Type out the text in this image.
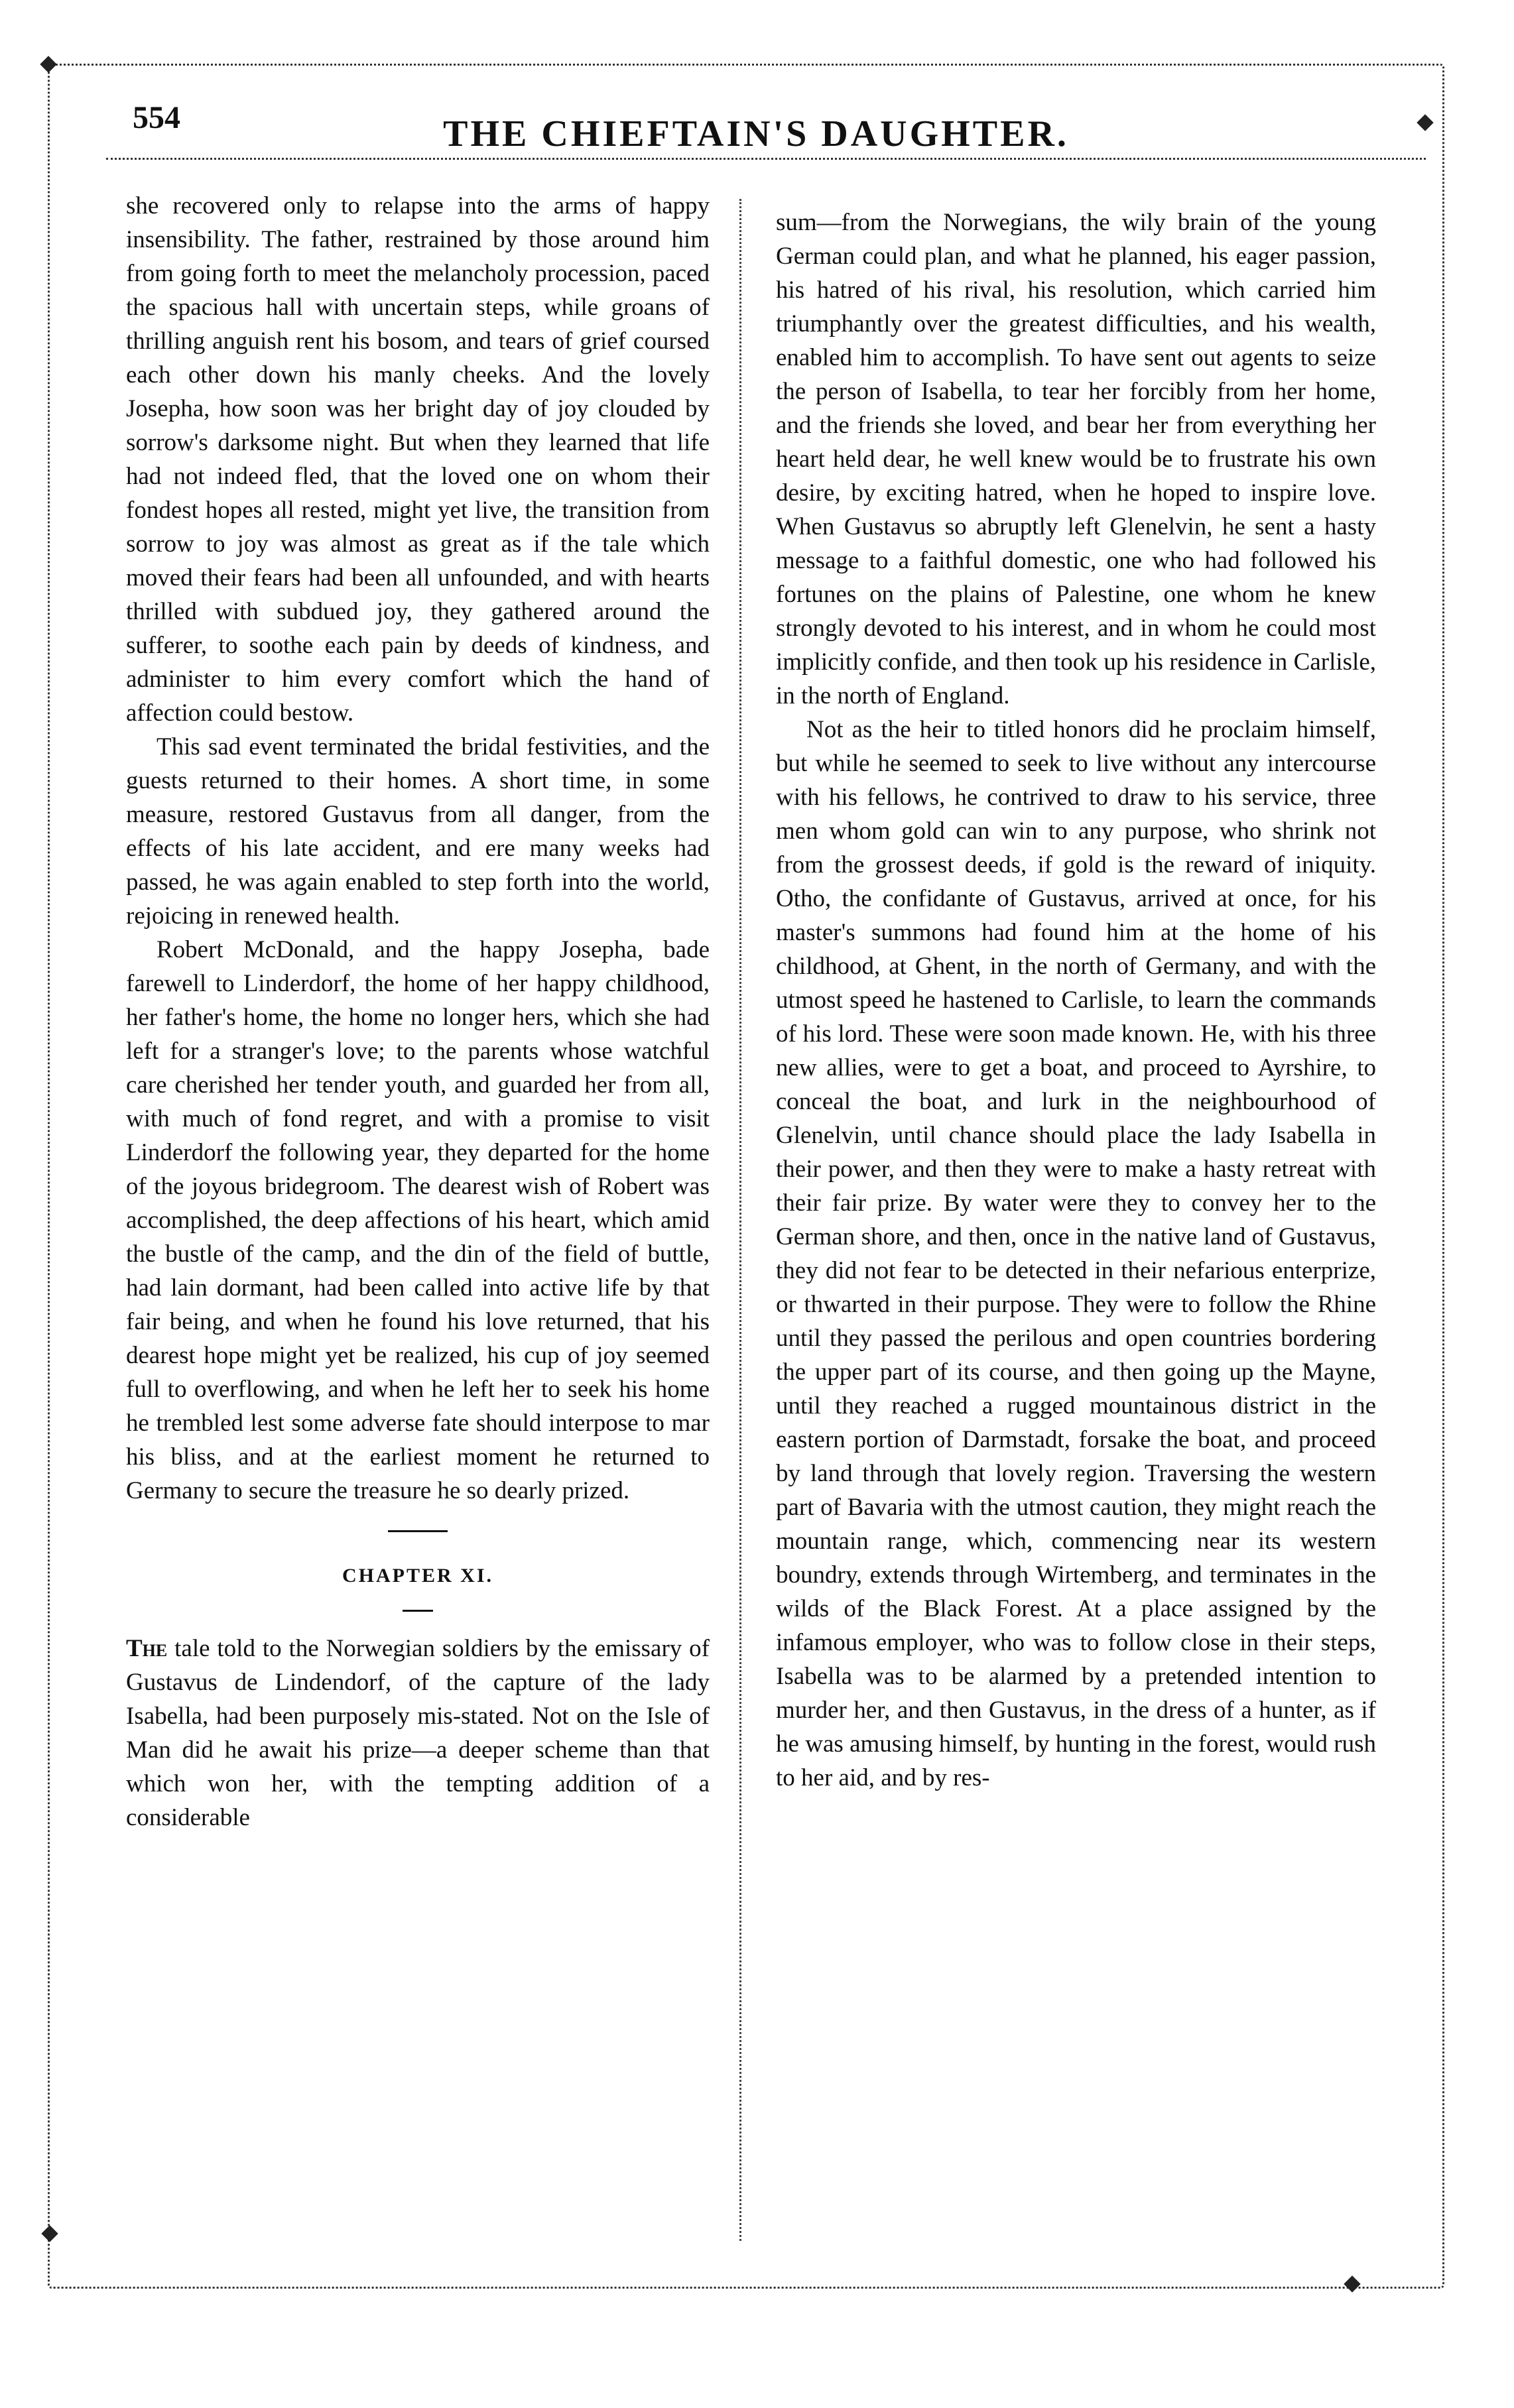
554	THE CHIEFTAIN'S DAUGHTER.

she recovered only to relapse into the arms of happy insensibility. The father, restrained by those around him from going forth to meet the melancholy procession, paced the spacious hall with uncertain steps, while groans of thrilling anguish rent his bosom, and tears of grief coursed each other down his manly cheeks. And the lovely Josepha, how soon was her bright day of joy clouded by sorrow's darksome night. But when they learned that life had not indeed fled, that the loved one on whom their fondest hopes all rested, might yet live, the transition from sorrow to joy was almost as great as if the tale which moved their fears had been all unfounded, and with hearts thrilled with subdued joy, they gathered around the sufferer, to soothe each pain by deeds of kindness, and administer to him every comfort which the hand of affection could bestow.

This sad event terminated the bridal festivities, and the guests returned to their homes. A short time, in some measure, restored Gustavus from all danger, from the effects of his late accident, and ere many weeks had passed, he was again enabled to step forth into the world, rejoicing in renewed health.

Robert McDonald, and the happy Josepha, bade farewell to Linderdorf, the home of her happy childhood, her father's home, the home no longer hers, which she had left for a stranger's love; to the parents whose watchful care cherished her tender youth, and guarded her from all, with much of fond regret, and with a promise to visit Linderdorf the following year, they departed for the home of the joyous bridegroom. The dearest wish of Robert was accomplished, the deep affections of his heart, which amid the bustle of the camp, and the din of the field of buttle, had lain dormant, had been called into active life by that fair being, and when he found his love returned, that his dearest hope might yet be realized, his cup of joy seemed full to overflowing, and when he left her to seek his home he trembled lest some adverse fate should interpose to mar his bliss, and at the earliest moment he returned to Germany to secure the treasure he so dearly prized.

CHAPTER XI.

The tale told to the Norwegian soldiers by the emissary of Gustavus de Lindendorf, of the capture of the lady Isabella, had been purposely mis-stated. Not on the Isle of Man did he await his prize—a deeper scheme than that which won her, with the tempting addition of a considerable

sum—from the Norwegians, the wily brain of the young German could plan, and what he planned, his eager passion, his hatred of his rival, his resolution, which carried him triumphantly over the greatest difficulties, and his wealth, enabled him to accomplish. To have sent out agents to seize the person of Isabella, to tear her forcibly from her home, and the friends she loved, and bear her from everything her heart held dear, he well knew would be to frustrate his own desire, by exciting hatred, when he hoped to inspire love. When Gustavus so abruptly left Glenelvin, he sent a hasty message to a faithful domestic, one who had followed his fortunes on the plains of Palestine, one whom he knew strongly devoted to his interest, and in whom he could most implicitly confide, and then took up his residence in Carlisle, in the north of England.

Not as the heir to titled honors did he proclaim himself, but while he seemed to seek to live without any intercourse with his fellows, he contrived to draw to his service, three men whom gold can win to any purpose, who shrink not from the grossest deeds, if gold is the reward of iniquity. Otho, the confidante of Gustavus, arrived at once, for his master's summons had found him at the home of his childhood, at Ghent, in the north of Germany, and with the utmost speed he hastened to Carlisle, to learn the commands of his lord. These were soon made known. He, with his three new allies, were to get a boat, and proceed to Ayrshire, to conceal the boat, and lurk in the neighbourhood of Glenelvin, until chance should place the lady Isabella in their power, and then they were to make a hasty retreat with their fair prize. By water were they to convey her to the German shore, and then, once in the native land of Gustavus, they did not fear to be detected in their nefarious enterprize, or thwarted in their purpose. They were to follow the Rhine until they passed the perilous and open countries bordering the upper part of its course, and then going up the Mayne, until they reached a rugged mountainous district in the eastern portion of Darmstadt, forsake the boat, and proceed by land through that lovely region. Traversing the western part of Bavaria with the utmost caution, they might reach the mountain range, which, commencing near its western boundry, extends through Wirtemberg, and terminates in the wilds of the Black Forest. At a place assigned by the infamous employer, who was to follow close in their steps, Isabella was to be alarmed by a pretended intention to murder her, and then Gustavus, in the dress of a hunter, as if he was amusing himself, by hunting in the forest, would rush to her aid, and by res-
